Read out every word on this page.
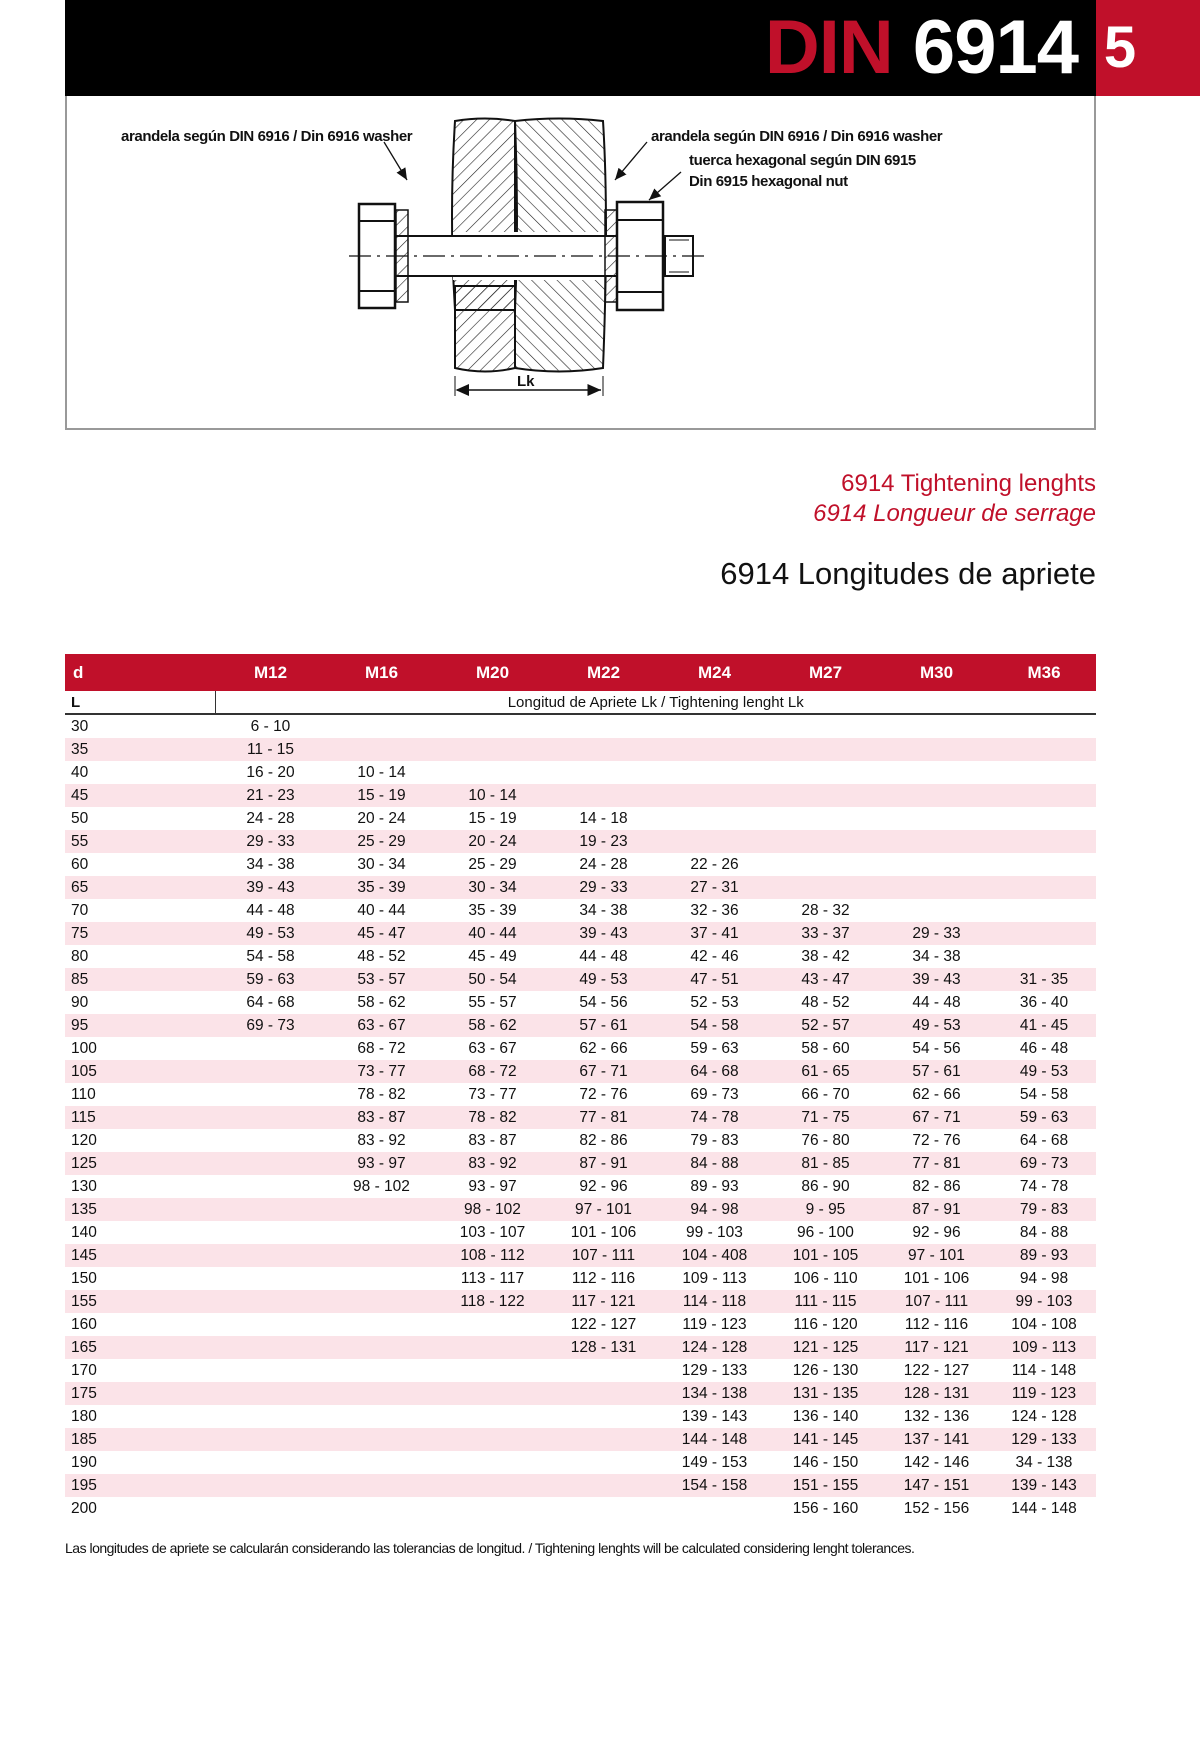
DIN 6914 5
Lk
arandela según DIN 6916 / Din 6916 washer	arandela según DIN 6916 / Din 6916 washer
tuerca hexagonal según DIN 6915
Din 6915 hexagonal nut
6914 Tightening lenghts
6914 Longueur de serrage
6914 Longitudes de apriete
d	M12	M16	M20	M22	M24	M27	M30	M36
L	Longitud de Apriete Lk / Tightening lenght Lk							
30	6 - 10							
35	11 - 15							
40	16 - 20	10 - 14						
45	21 - 23	15 - 19	10 - 14					
50	24 - 28	20 - 24	15 - 19	14 - 18				
55	29 - 33	25 - 29	20 - 24	19 - 23				
60	34 - 38	30 - 34	25 - 29	24 - 28	22 - 26			
65	39 - 43	35 - 39	30 - 34	29 - 33	27 - 31			
70	44 - 48	40 - 44	35 - 39	34 - 38	32 - 36	28 - 32		
75	49 - 53	45 - 47	40 - 44	39 - 43	37 - 41	33 - 37	29 - 33	
80	54 - 58	48 - 52	45 - 49	44 - 48	42 - 46	38 - 42	34 - 38	
85	59 - 63	53 - 57	50 - 54	49 - 53	47 - 51	43 - 47	39 - 43	31 - 35
90	64 - 68	58 - 62	55 - 57	54 - 56	52 - 53	48 - 52	44 - 48	36 - 40
95	69 - 73	63 - 67	58 - 62	57 - 61	54 - 58	52 - 57	49 - 53	41 - 45
100		68 - 72	63 - 67	62 - 66	59 - 63	58 - 60	54 - 56	46 - 48
105		73 - 77	68 - 72	67 - 71	64 - 68	61 - 65	57 - 61	49 - 53
110		78 - 82	73 - 77	72 - 76	69 - 73	66 - 70	62 - 66	54 - 58
115		83 - 87	78 - 82	77 - 81	74 - 78	71 - 75	67 - 71	59 - 63
120		83 - 92	83 - 87	82 - 86	79 - 83	76 - 80	72 - 76	64 - 68
125		93 - 97	83 - 92	87 - 91	84 - 88	81 - 85	77 - 81	69 - 73
130		98 - 102	93 - 97	92 - 96	89 - 93	86 - 90	82 - 86	74 - 78
135			98 - 102	97 - 101	94 - 98	9 - 95	87 - 91	79 - 83
140			103 - 107	101 - 106	99 - 103	96 - 100	92 - 96	84 - 88
145			108 - 112	107 - 111	104 - 408	101 - 105	97 - 101	89 - 93
150			113 - 117	112 - 116	109 - 113	106 - 110	101 - 106	94 - 98
155			118 - 122	117 - 121	114 - 118	111 - 115	107 - 111	99 - 103
160				122 - 127	119 - 123	116 - 120	112 - 116	104 - 108
165				128 - 131	124 - 128	121 - 125	117 - 121	109 - 113
170					129 - 133	126 - 130	122 - 127	114 - 148
175					134 - 138	131 - 135	128 - 131	119 - 123
180					139 - 143	136 - 140	132 - 136	124 - 128
185					144 - 148	141 - 145	137 - 141	129 - 133
190					149 - 153	146 - 150	142 - 146	34 - 138
195					154 - 158	151 - 155	147 - 151	139 - 143
200						156 - 160	152 - 156	144 - 148
Las longitudes de apriete se calcularán considerando las tolerancias de longitud. / Tightening lenghts will be calculated considering lenght tolerances.
